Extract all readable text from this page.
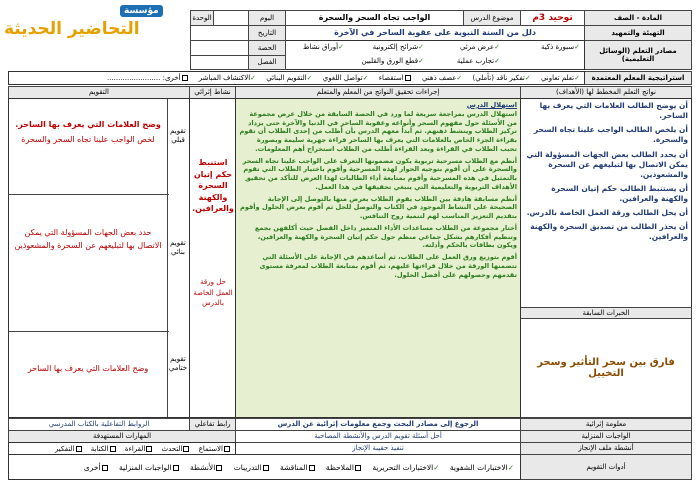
مؤسسة
التحاضير الحديثة
المادة - الصف
توحيد 3م
موضوع الدرس
الواجب تجاه السحر والسحرة
اليوم
الوحدة
التهيئة والتمهيد
دلل من السنة النبوية على عقوبة الساحر في الآخرة
التاريخ
مصادر التعلم (الوسائل التعليمية)
✓سبورة ذكية
✓عرض مرئي
✓شرائح إلكترونية
✓أوراق نشاط
✓تجارب عملية
✓قطع الورق والقلبين
الحصة
الفصل
استراتيجية المعلم المعتمدة
✓تعلم تعاوني ✓تفكير ناقد (تأملي) ✓عصف ذهني استقصاء ✓تواصل اللغوي ✓التقويم البنائي ✓الاكتشاف المباشر أخرى: ........................
نواتج التعلم المخطط لها (الأهداف)
إجراءات تحقيق النواتج من المعلم والمتعلم
نشاط إثرائي
التقويم
أن يوضح الطالب العلامات التي يعرف بها الساحر.
أن يلخص الطالب الواجب علينا تجاه السحر والسحرة.
أن يحدد الطالب بعض الجهات المسؤولة التي يمكن الاتصال بها لتبليغهم عن السحرة والمشعوذين.
أن يستنبط الطالب حكم إتيان السحرة والكهنة والعرافين.
أن يحل الطالب ورقة العمل الخاصة بالدرس.
أن يحذر الطالب من تصديق السحرة والكهنة والعرافين.
الخبرات السابقة
فارق بين سحر التأثير وسحر التخييل
استهلال الدرس
استهلال الدرس بمراجعة سريعة لما ورد في الحصة السابقة من خلال عرض مجموعة من الأسئلة حول مفهوم السحر وأنواعه وعقوبة الساحر في الدنيا والآخرة حتى يزداد تركيز الطلاب وينشط ذهنهم. ثم أبدأ معهم الدرس بأن أطلب من إحدى الطلاب أن تقوم بقراءة الجزء الخاص بالعلامات التي يعرف بها الساحر قراءة جهرية سليمة وبصورة تحبب الطلاب في القراءة وبعد القراءة أطلب من الطلاب استخراج أهم المعلومات.
أنظم مع الطلاب مسرحية تربوية يكون مضمونها التعرف على الواجب علينا تجاه السحر والسحرة على أن أقوم بتوجيه الحوار لهذه المسرحية وأقوم باختيار الطلاب التي تقوم بالتمثيل في هذه المسرحية وأقوم بمتابعة أداء الطالبات لهذا العرض للتأكد من تحقيق الأهداف التربوية والتعليمية التي ينبغي تحقيقها في هذا العمل.
أنظم مسابقة هادفة بين الطلاب يقوم الطلاب بعرض منها بالتوصل إلى الإجابة الصحيحة على النشاط الموجود في الكتاب والتوصل للحل ثم أقوم بعرض الحلول وأقوم بتقديم التعزيز المناسب لهم لتنمية روح التنافس.
أختار مجموعة من الطلاب مساعدات الأداء المتميز داخل الفصل حيث أكلفهن بجمع وتنظيم أفكارهم بشكل جماعي منظم حول حكم إتيان السحرة والكهنة والعرافين، ويكون بطاقات بالحكم وأدلته.
أقوم بتوزيع ورق العمل على الطلاب، ثم أساعدهم في الإجابة على الأسئلة التي تتضمنها الورقة من خلال قراءتها عليهم، ثم أقوم بمتابعة الطلاب لمعرفة مستوى تقدمهم وحصولهم على أفضل الحلول.
استنبط حكم إتيان السحرة والكهنة والعرافين.
حل ورقة العمل الخاصة بالدرس
تقويم قبلي
تقويم بنائي
تقويم ختامي
وضح العلامات التي يعرف بها الساحر.
لخص الواجب علينا تجاه السحر والسحرة
حدد بعض الجهات المسؤولة التي يمكن الاتصال بها لتبليغهم عن السحرة والمشعوذين
وضح العلامات التي يعرف بها الساحر
معلومة إثرائية
الرجوع إلى مصادر البحث وجمع معلومات إثرائية عن الدرس
رابط تفاعلي
الروابط التفاعلية بالكتاب المدرسي
الواجبات المنزلية
أحل أسئلة تقويم الدرس والأنشطة المصاحبة
المهارات المستهدفة
أنشطة ملف الإنجاز
تنفيذ حقيبة الإنجاز
الاستماع التحدث القراءة الكتابة التفكير
أدوات التقويم
✓الاختبارات الشفوية ✓الاختبارات التحريرية الملاحظة المناقشة التدريبات الأنشطة الواجبات المنزلية أخرى
